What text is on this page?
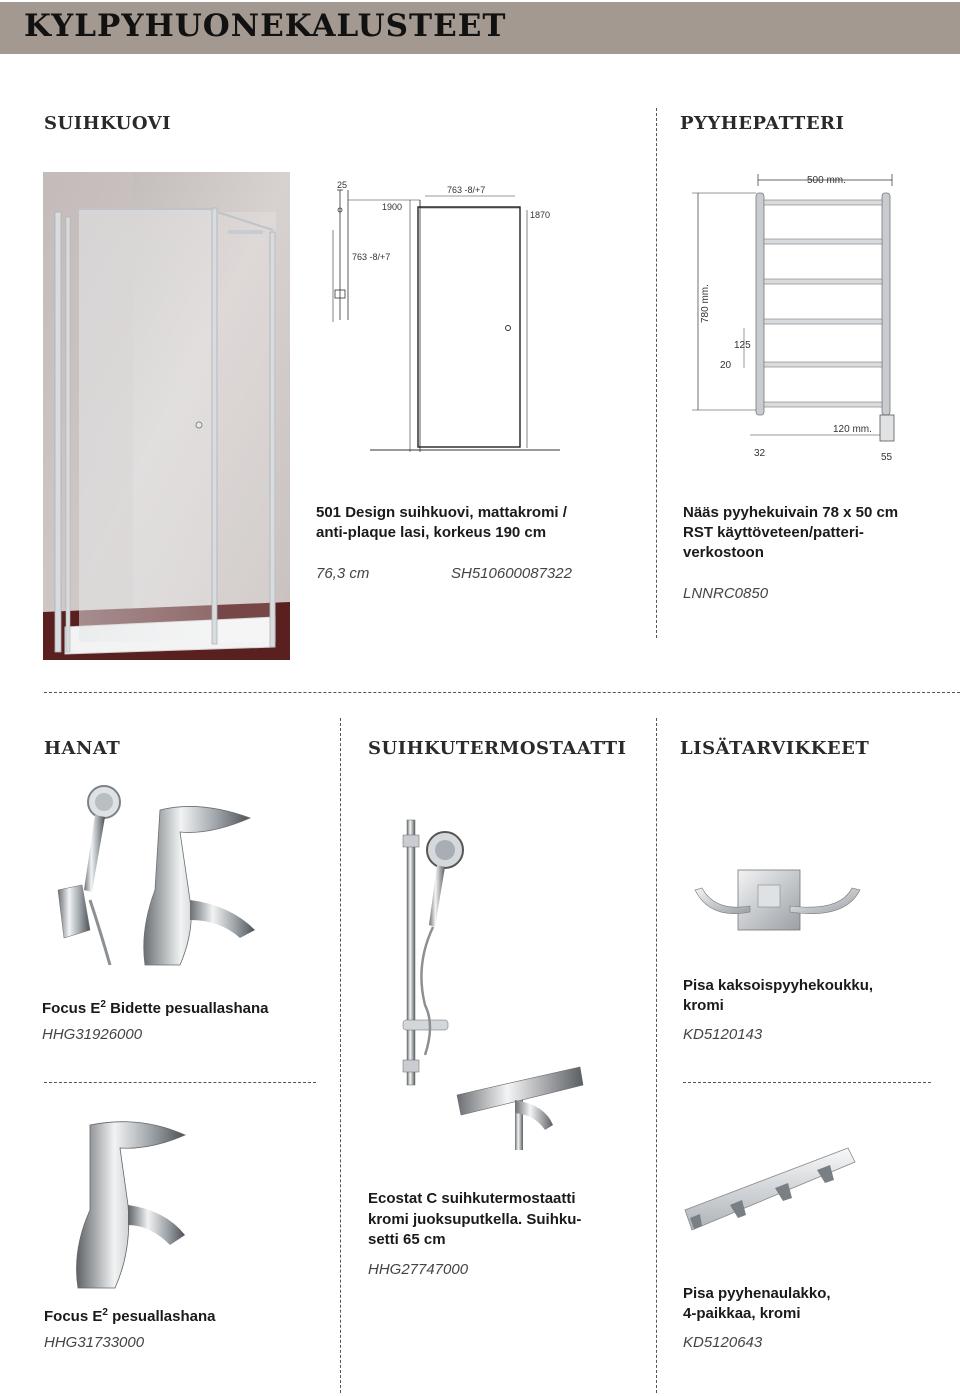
KYLPYHUONEKALUSTEET
SUIHKUOVI	PYYHEPATTERI
HANAT	SUIHKUTERMOSTAATTI	LISÄTARVIKKEET
25
1900
763 -8/+7
1870
763 -8/+7
501 Design suihkuovi, mattakromi /
anti-plaque lasi, korkeus 190 cm
76,3 cm	SH510600087322
500 mm.
780 mm.
125
20
120 mm.
32	55
Nääs pyyhekuivain 78 x 50 cm
RST käyttöveteen/patteri-
verkostoon
LNNRC0850
Focus $E^2$ Bidette pesuallashana
HHG31926000
Focus $E^2$ pesuallashana
HHG31733000
Ecostat C suihkutermostaatti
kromi juoksuputkella. Suihku-
setti 65 cm
HHG27747000
Pisa kaksoispyyhekoukku,
kromi
KD5120143
Pisa pyyhenaulakko,
4-paikkaa, kromi
KD5120643
